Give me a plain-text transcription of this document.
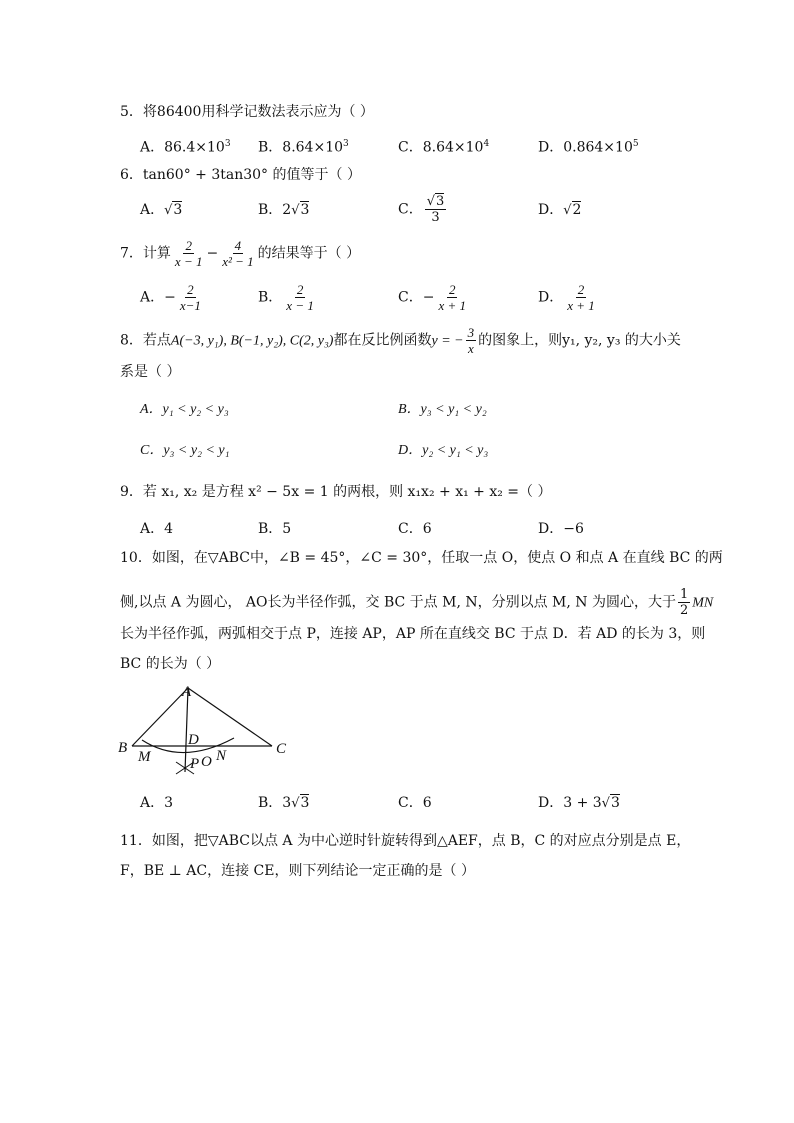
5．将86400用科学记数法表示应为（ ）
A．$86.4\times 10^3$ B．$8.64\times 10^3$	C．$8.64\times 10^4$	D．$0.864\times 10^5$
6．tan60° + 3tan30° 的值等于（ ）
A．√3	B．2√3	C． $\frac{√3}{3}$	D．√2
7．计算 $\frac{2}{x - 1} - \frac{4}{\text{x² − 1}}$ 的结果等于（ ）
A．− $\frac{2}{x-1}$	B． $\frac{2}{x - 1}$	C．− $\frac{2}{x + 1}$	D． $\frac{2}{x + 1}$
8．若点A(−3, y₁), B(−1, y₂), C(2, y₃)都在反比例函数y = − $\frac{3}{x}$ 的图象上，则y₁, y₂, y₃ 的大小关
系是（ ）
A．y₁ < y₂ < y₃	B．y₃ < y₁ < y₂
C．y₃ < y₂ < y₁	D．y₂ < y₁ < y₃
9．若 x₁, x₂ 是方程 x² − 5x = 1 的两根，则 x₁x₂ + x₁ + x₂ =（ ）
A．4	B．5	C．6	D．−6
10．如图，在▽ABC中，∠B = 45°，∠C = 30°，任取一点 O，使点 O 和点 A 在直线 BC 的两
侧,以点 A 为圆心， AO长为半径作弧，交 BC 于点 M, N，分别以点 M, N 为圆心，大于 $\frac{1}{2}$ MN
长为半径作弧，两弧相交于点 P，连接 AP，AP 所在直线交 BC 于点 D．若 AD 的长为 3，则
BC 的长为（ ）
A
B	C
D
M	N
P O
A．3	B．3√3	C．6	D．3 + 3√3
11．如图，把▽ABC以点 A 为中心逆时针旋转得到△AEF，点 B，C 的对应点分别是点 E，
F，BE ⊥ AC，连接 CE，则下列结论一定正确的是（ ）
